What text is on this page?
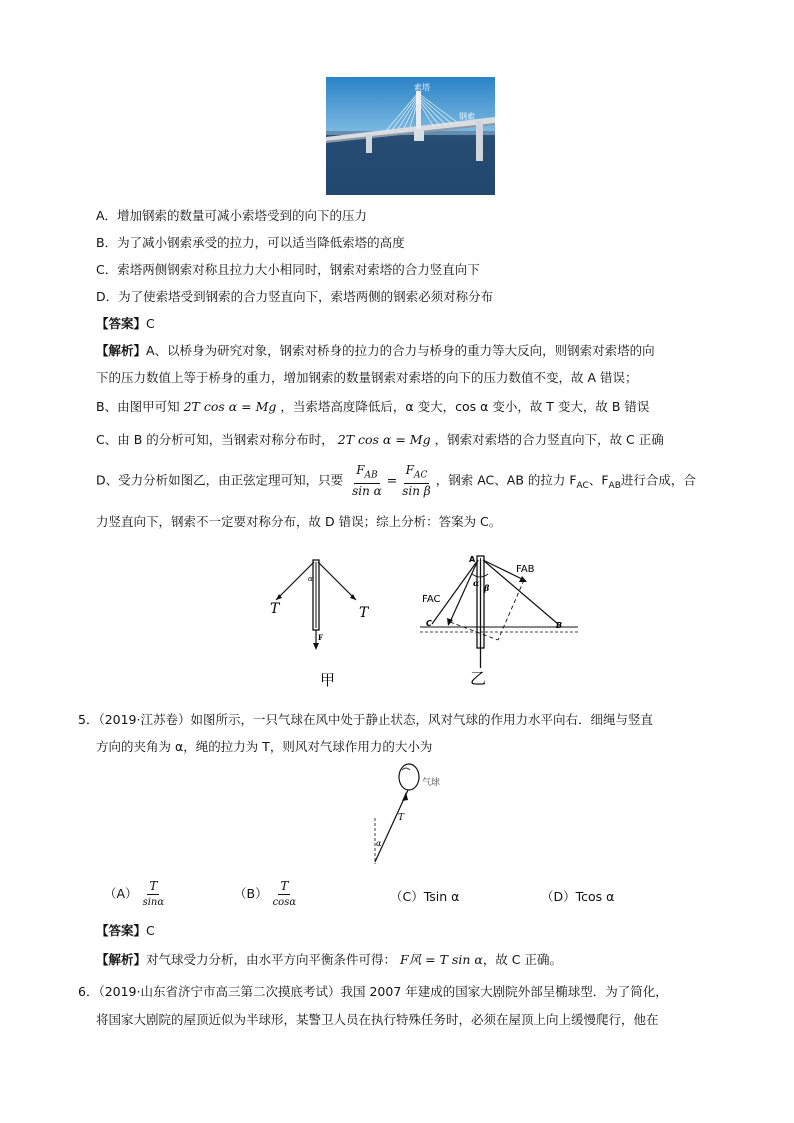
索塔
钢索
A．增加钢索的数量可减小索塔受到的向下的压力
B．为了减小钢索承受的拉力，可以适当降低索塔的高度
C．索塔两侧钢索对称且拉力大小相同时，钢索对索塔的合力竖直向下
D．为了使索塔受到钢索的合力竖直向下，索塔两侧的钢索必须对称分布
【答案】C
【解析】A、以桥身为研究对象，钢索对桥身的拉力的合力与桥身的重力等大反向，则钢索对索塔的向
下的压力数值上等于桥身的重力，增加钢索的数量钢索对索塔的向下的压力数值不变，故 A 错误；
B、由图甲可知 2T cos α = Mg ，当索塔高度降低后，α 变大，cos α 变小，故 T 变大，故 B 错误
C、由 B 的分析可知，当钢索对称分布时， 2T cos α = Mg ，钢索对索塔的合力竖直向下，故 C 正确
D、受力分析如图乙，由正弦定理可知，只要 $\frac{F_{AB}}{\text{sin α}} = \frac{F_{AC}}{\text{sin β}}$ ，钢索 AC、AB 的拉力 $F_{AC}$、$F_{AB}$进行合成，合
力竖直向下，钢索不一定要对称分布，故 D 错误；综上分析：答案为 C。
T	T
α
F
甲
A
B
C
FAC
FAB
α β
乙
5．（2019·江苏卷）如图所示，一只气球在风中处于静止状态，风对气球的作用力水平向右．细绳与竖直
方向的夹角为 α，绳的拉力为 T，则风对气球作用力的大小为
气球
T
α
$(A) \frac{T}{\sin\alpha}$	$(B) \frac{T}{\cos\alpha}$	（C）Tsin α	（D）Tcos α
【答案】C
【解析】对气球受力分析，由水平方向平衡条件可得： F风 = T sin α，故 C 正确。
6．（2019·山东省济宁市高三第二次摸底考试）我国 2007 年建成的国家大剧院外部呈椭球型．为了简化，
将国家大剧院的屋顶近似为半球形，某警卫人员在执行特殊任务时，必须在屋顶上向上缓慢爬行，他在
